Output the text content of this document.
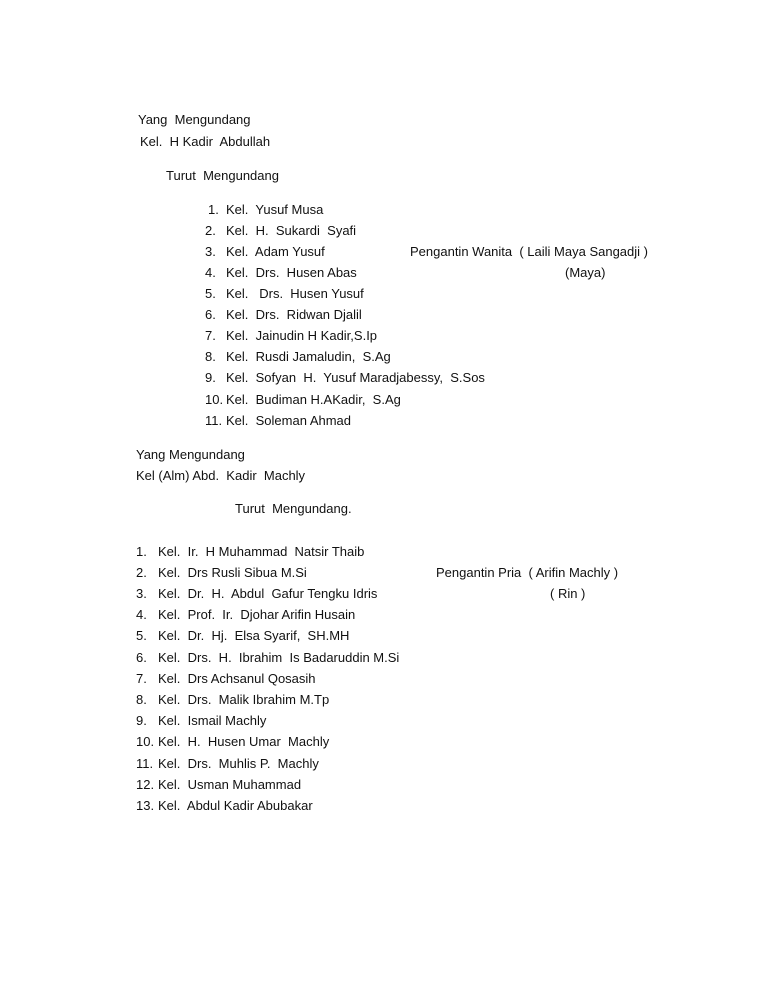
Yang  Mengundang
Kel.  H Kadir  Abdullah
Turut  Mengundang
1. Kel.  Yusuf Musa
2. Kel.  H.  Sukardi  Syafi
3. Kel.  Adam Yusuf
4. Kel.  Drs.  Husen Abas
5. Kel.   Drs.  Husen Yusuf
6. Kel.  Drs.  Ridwan Djalil
7. Kel.  Jainudin H Kadir,S.Ip
8. Kel.  Rusdi Jamaludin,  S.Ag
9. Kel.  Sofyan  H.  Yusuf Maradjabessy,  S.Sos
10. Kel.  Budiman H.AKadir,  S.Ag
11. Kel.  Soleman Ahmad
Pengantin Wanita  ( Laili Maya Sangadji )
(Maya)
Yang Mengundang
Kel (Alm) Abd.  Kadir  Machly
Turut  Mengundang.
1. Kel.  Ir.  H Muhammad  Natsir Thaib
2. Kel.  Drs Rusli Sibua M.Si
3. Kel.  Dr.  H.  Abdul  Gafur Tengku Idris
4. Kel.  Prof.  Ir.  Djohar Arifin Husain
5. Kel.  Dr.  Hj.  Elsa Syarif,  SH.MH
6. Kel.  Drs.  H.  Ibrahim  Is Badaruddin M.Si
7. Kel.  Drs Achsanul Qosasih
8. Kel.  Drs.  Malik Ibrahim M.Tp
9. Kel.  Ismail Machly
10. Kel.  H.  Husen Umar  Machly
11. Kel.  Drs.  Muhlis P.  Machly
12. Kel.  Usman Muhammad
13. Kel.  Abdul Kadir Abubakar
Pengantin Pria  ( Arifin Machly )
( Rin )
